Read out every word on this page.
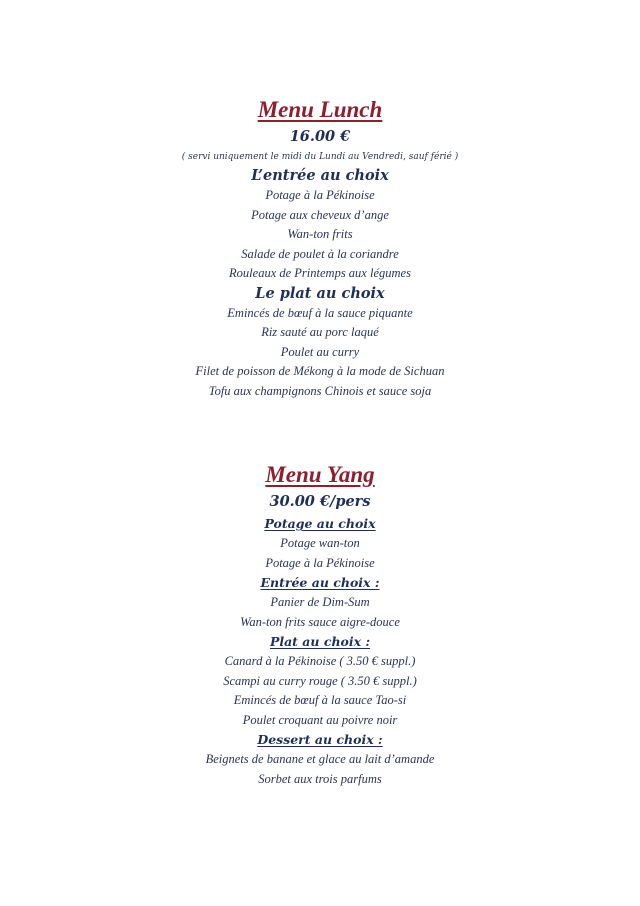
Menu Lunch
16.00 €
( servi uniquement le midi du Lundi au Vendredi, sauf férié )
L’entrée au choix
Potage à la Pékinoise
Potage aux cheveux d’ange
Wan-ton frits
Salade de poulet à la coriandre
Rouleaux de Printemps aux légumes
Le plat au choix
Emincés de bœuf à la sauce piquante
Riz sauté au porc laqué
Poulet au curry
Filet de poisson de Mékong à la mode de Sichuan
Tofu aux champignons Chinois et sauce soja
Menu Yang
30.00 €/pers
Potage au choix
Potage wan-ton
Potage à la Pékinoise
Entrée au choix :
Panier de Dim-Sum
Wan-ton frits sauce aigre-douce
Plat au choix :
Canard à la Pékinoise ( 3.50 € suppl.)
Scampi au curry rouge ( 3.50 € suppl.)
Emincés de bœuf à la sauce Tao-si
Poulet croquant au poivre noir
Dessert au choix :
Beignets de banane et glace au lait d’amande
Sorbet aux trois parfums
